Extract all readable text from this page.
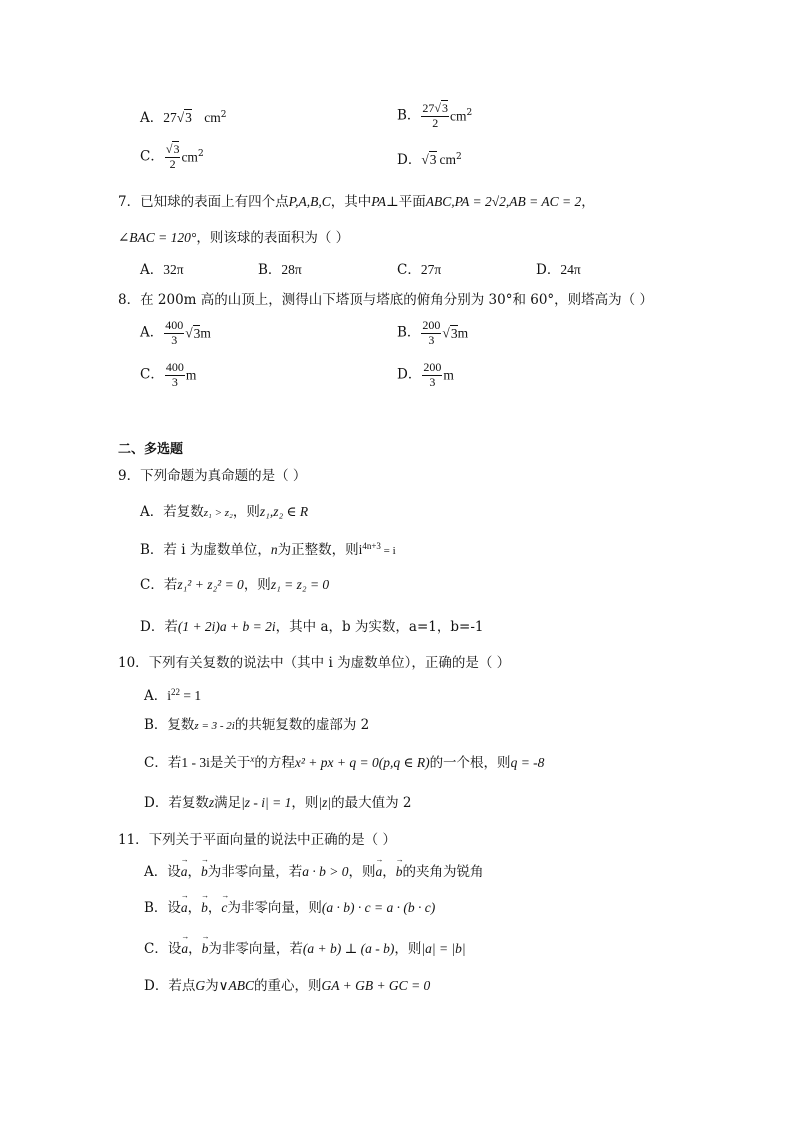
A．27√3 $cm^2$	B． $\frac{27√3}{2} cm^2$
C． $\frac{√3}{2} cm^2$	D．√3 $cm^2$
7．已知球的表面上有四个点P,A,B,C，其中PA⊥平面ABC,PA = 2√2,AB = AC = 2，
∠BAC = 120°，则该球的表面积为（ ）
A．32π	B．28π	C．27π	D．24π
8．在 200m 高的山顶上，测得山下塔顶与塔底的俯角分别为 30°和 60°，则塔高为（ ）
A． $\frac{400}{3} √3m$	B． $\frac{200}{3} √3m$
C． $\frac{400}{3}$ m	D． $\frac{200}{3}$ m
二、多选题
9．下列命题为真命题的是（ ）
A．若复数z₁ > z₂，则z₁,z₂ ∈ R
B．若 i 为虚数单位，n为正整数，则$i^{4n+3} = i$
C．若z₁² + z₂² = 0，则z₁ = z₂ = 0
D．若(1 + 2i)a + b = 2i，其中 a，b 为实数，a=1，b=-1
10．下列有关复数的说法中（其中 i 为虚数单位），正确的是（ ）
A．$i^{22} = 1$
B．复数z = 3 - 2i的共轭复数的虚部为 2
C．若1 - 3i是关于$^x$的方程x² + px + q = 0(p,q ∈ R)的一个根，则q = -8
D．若复数z满足|z - i| = 1，则|z|的最大值为 2
11．下列关于平面向量的说法中正确的是（ ）
A．设→ a，→ b为非零向量，若a · b > 0，则→ a，→ b的夹角为锐角
B．设→ a，→ b，→ c为非零向量，则(a · b) · c = a · (b · c)
C．设→ a，→ b为非零向量，若(a + b) ⊥ (a - b)，则|a| = |b|
D．若点G为∨ABC的重心，则GA + GB + GC = 0
